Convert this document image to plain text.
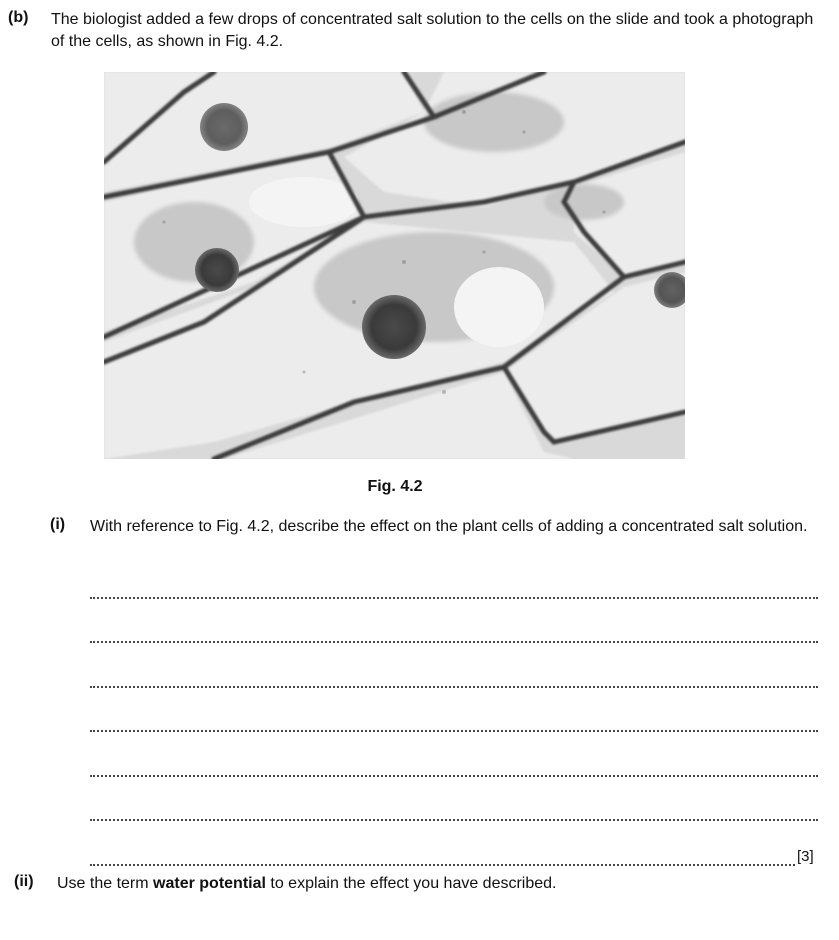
(b) The biologist added a few drops of concentrated salt solution to the cells on the slide and took a photograph of the cells, as shown in Fig. 4.2.
Fig. 4.2
(i) With reference to Fig. 4.2, describe the effect on the plant cells of adding a concentrated salt solution.
[3]
(ii) Use the term water potential to explain the effect you have described.
